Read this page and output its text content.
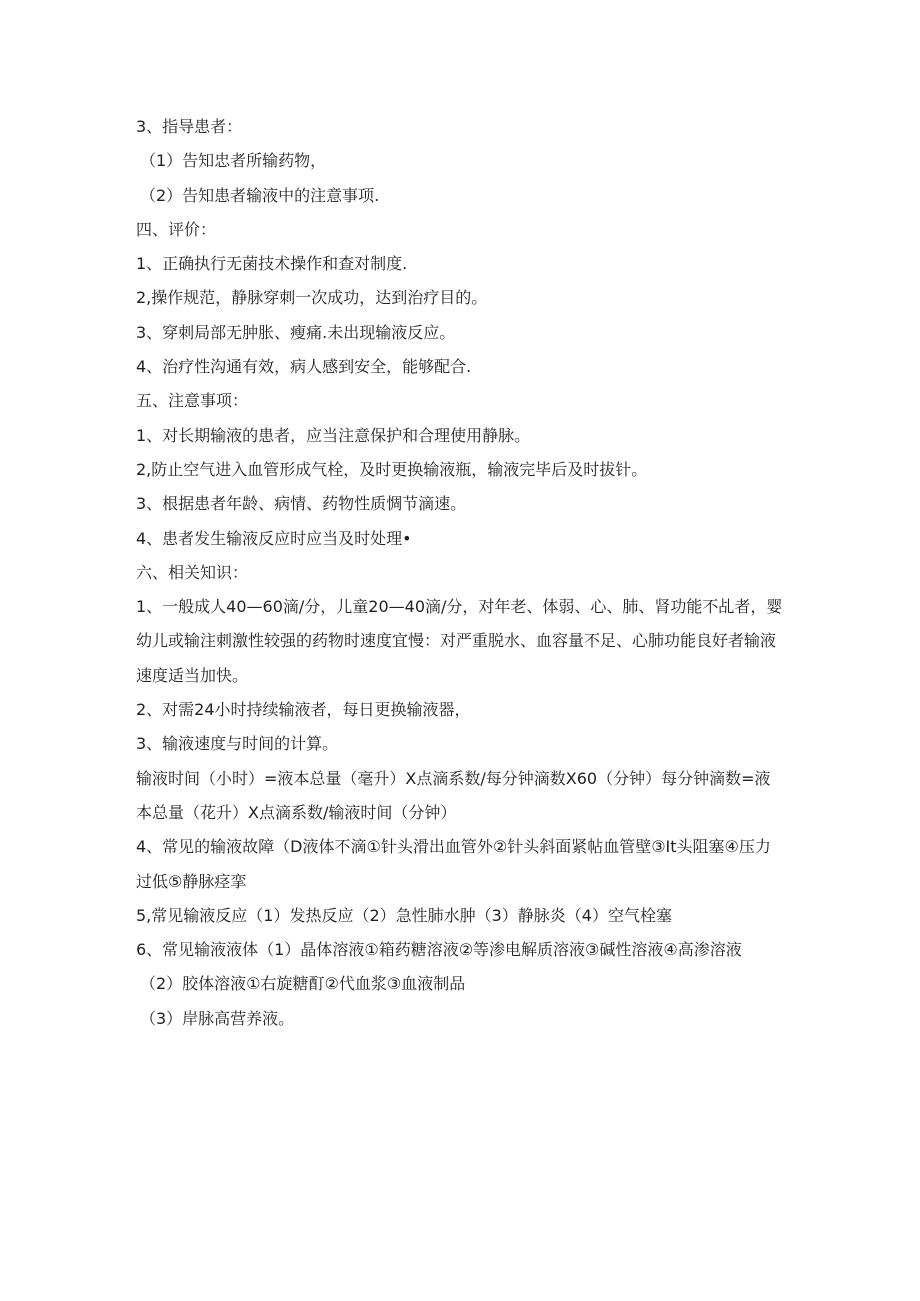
3、指导患者：

（1）告知忠者所输药物，

（2）告知患者输液中的注意事项.

四、评价：

1、正确执行无菌技术操作和查对制度.

2,操作规范，静脉穿刺一次成功，达到治疗目的。

3、穿刺局部无肿胀、瘦痛.未出现输液反应。

4、治疗性沟通有效，病人感到安全，能够配合.

五、注意事项：

1、对长期输液的患者，应当注意保护和合理使用静脉。

2,防止空气进入血管形成气栓，及时更换输液瓶，输液完毕后及时拔针。

3、根据患者年龄、病情、药物性质惆节滴速。

4、患者发生输液反应时应当及时处理•

六、相关知识：

1、一般成人40—60滴/分，儿童20—40滴/分，对年老、体弱、心、肺、肾功能不乩者，婴幼儿或输注刺激性较强的药物时速度宜慢：对严重脱水、血容量不足、心肺功能良好者输液速度适当加快。

2、对需24小时持续输液者，每日更换输液器，

3、输液速度与时间的计算。

输液时间（小时）=液本总量（毫升）X点滴系数/每分钟滴数X60（分钟）每分钟滴数=液本总量（花升）X点滴系数/输液时间（分钟）

4、常见的输液故障（D液体不滴①针头滑出血管外②针头斜面紧帖血管壁③It头阻塞④压力过低⑤静脉痉挛

5,常见输液反应（1）发热反应（2）急性肺水肿（3）静脉炎（4）空气栓塞

6、常见输液液体（1）晶体溶液①箱药糖溶液②等渗电解质溶液③碱性溶液④高渗溶液

（2）胶体溶液①右旋糖酊②代血浆③血液制品

（3）岸脉高营养液。
